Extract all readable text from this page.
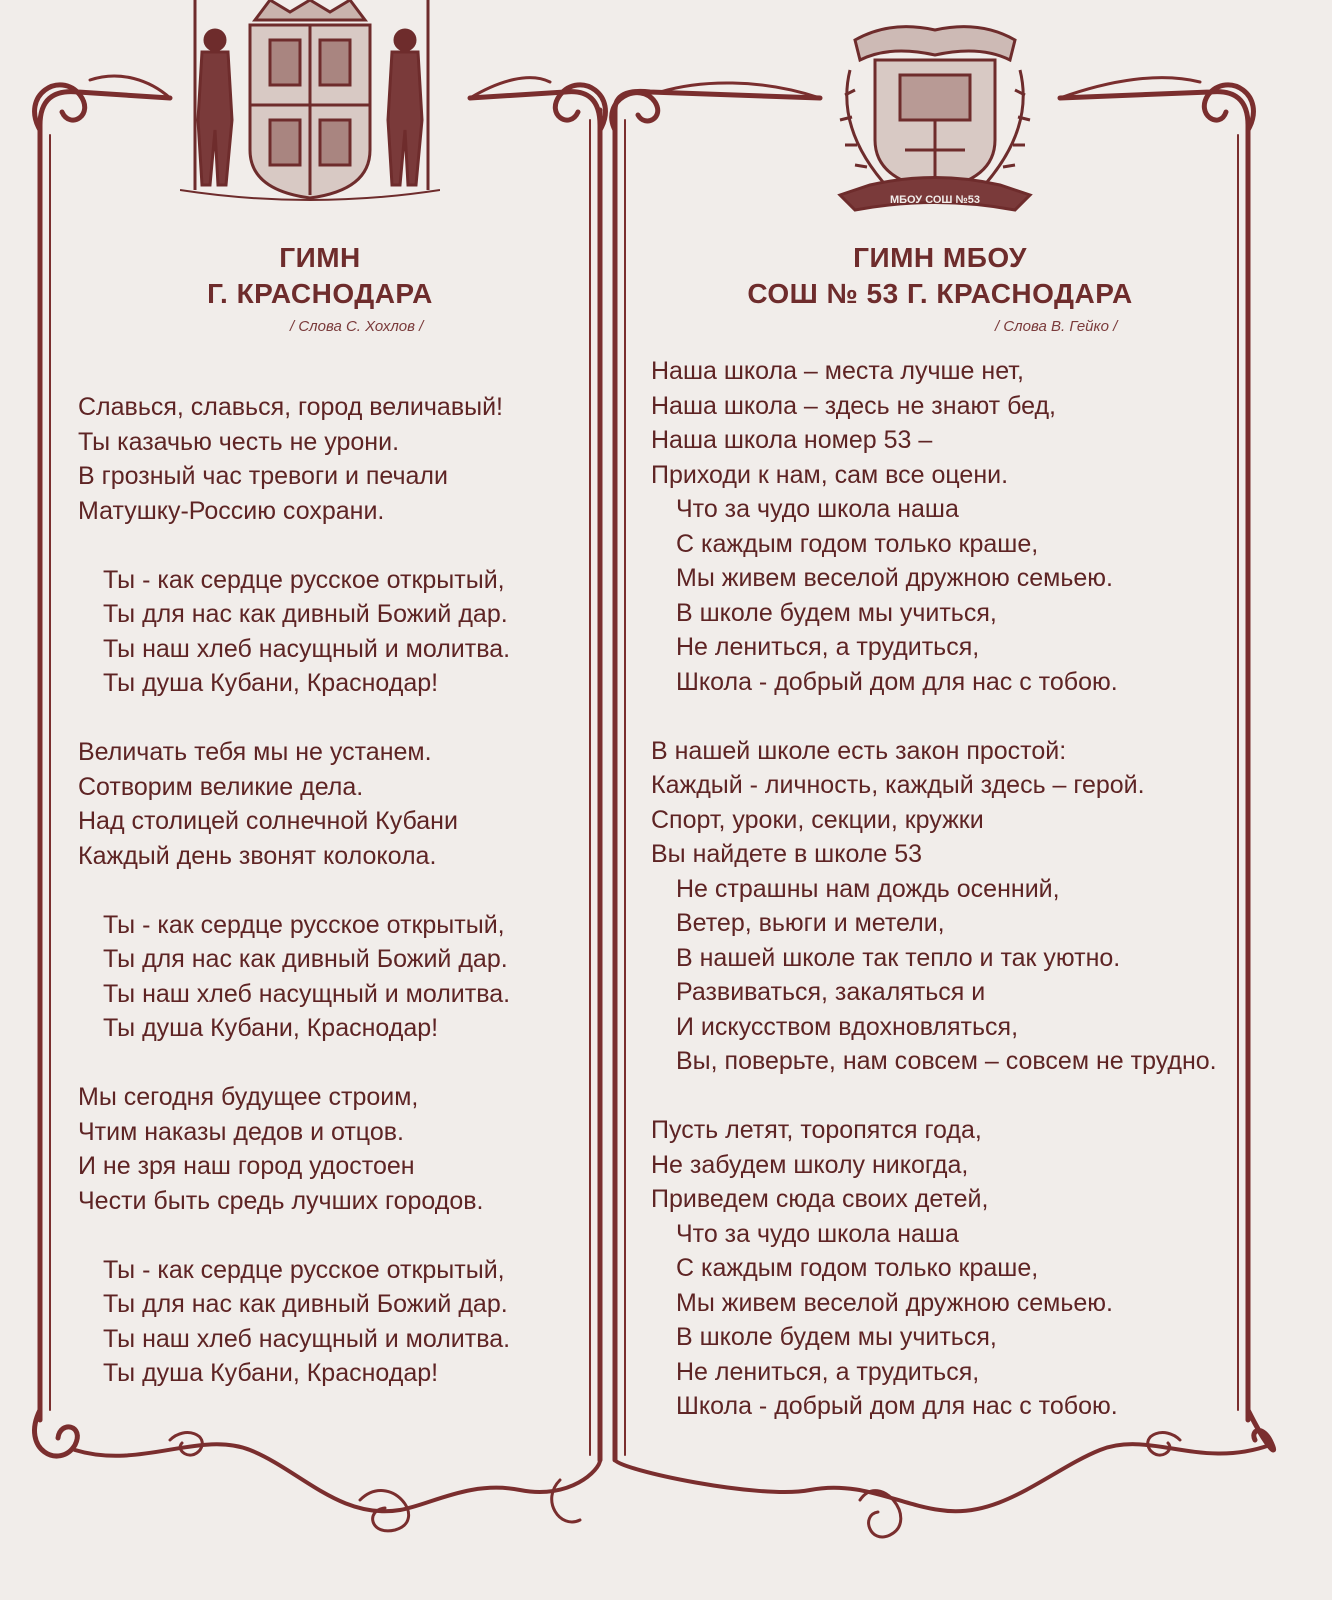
МБОУ СОШ №53
ГИМН
Г. КРАСНОДАРА
/ Слова С. Хохлов /
Славься, славься, город величавый!
Ты казачью честь не урони.
В грозный час тревоги и печали
Матушку-Россию сохрани.
Ты - как сердце русское открытый,
Ты для нас как дивный Божий дар.
Ты наш хлеб насущный и молитва.
Ты душа Кубани, Краснодар!
Величать тебя мы не устанем.
Сотворим великие дела.
Над столицей солнечной Кубани
Каждый день звонят колокола.
Ты - как сердце русское открытый,
Ты для нас как дивный Божий дар.
Ты наш хлеб насущный и молитва.
Ты душа Кубани, Краснодар!
Мы сегодня будущее строим,
Чтим наказы дедов и отцов.
И не зря наш город удостоен
Чести быть средь лучших городов.
Ты - как сердце русское открытый,
Ты для нас как дивный Божий дар.
Ты наш хлеб насущный и молитва.
Ты душа Кубани, Краснодар!
ГИМН МБОУ
СОШ № 53 Г. КРАСНОДАРА
/ Слова В. Гейко /
Наша школа – места лучше нет,
Наша школа – здесь не знают бед,
Наша школа номер 53 –
Приходи к нам, сам все оцени.
Что за чудо школа наша
С каждым годом только краше,
Мы живем веселой дружною семьею.
В школе будем мы учиться,
Не лениться, а трудиться,
Школа - добрый дом для нас с тобою.
В нашей школе есть закон простой:
Каждый - личность, каждый здесь – герой.
Спорт, уроки, секции, кружки
Вы найдете в школе 53
Не страшны нам дождь осенний,
Ветер, вьюги и метели,
В нашей школе так тепло и так уютно.
Развиваться, закаляться и
И искусством вдохновляться,
Вы, поверьте, нам совсем – совсем не трудно.
Пусть летят, торопятся года,
Не забудем школу никогда,
Приведем сюда своих детей,
Что за чудо школа наша
С каждым годом только краше,
Мы живем веселой дружною семьею.
В школе будем мы учиться,
Не лениться, а трудиться,
Школа - добрый дом для нас с тобою.
